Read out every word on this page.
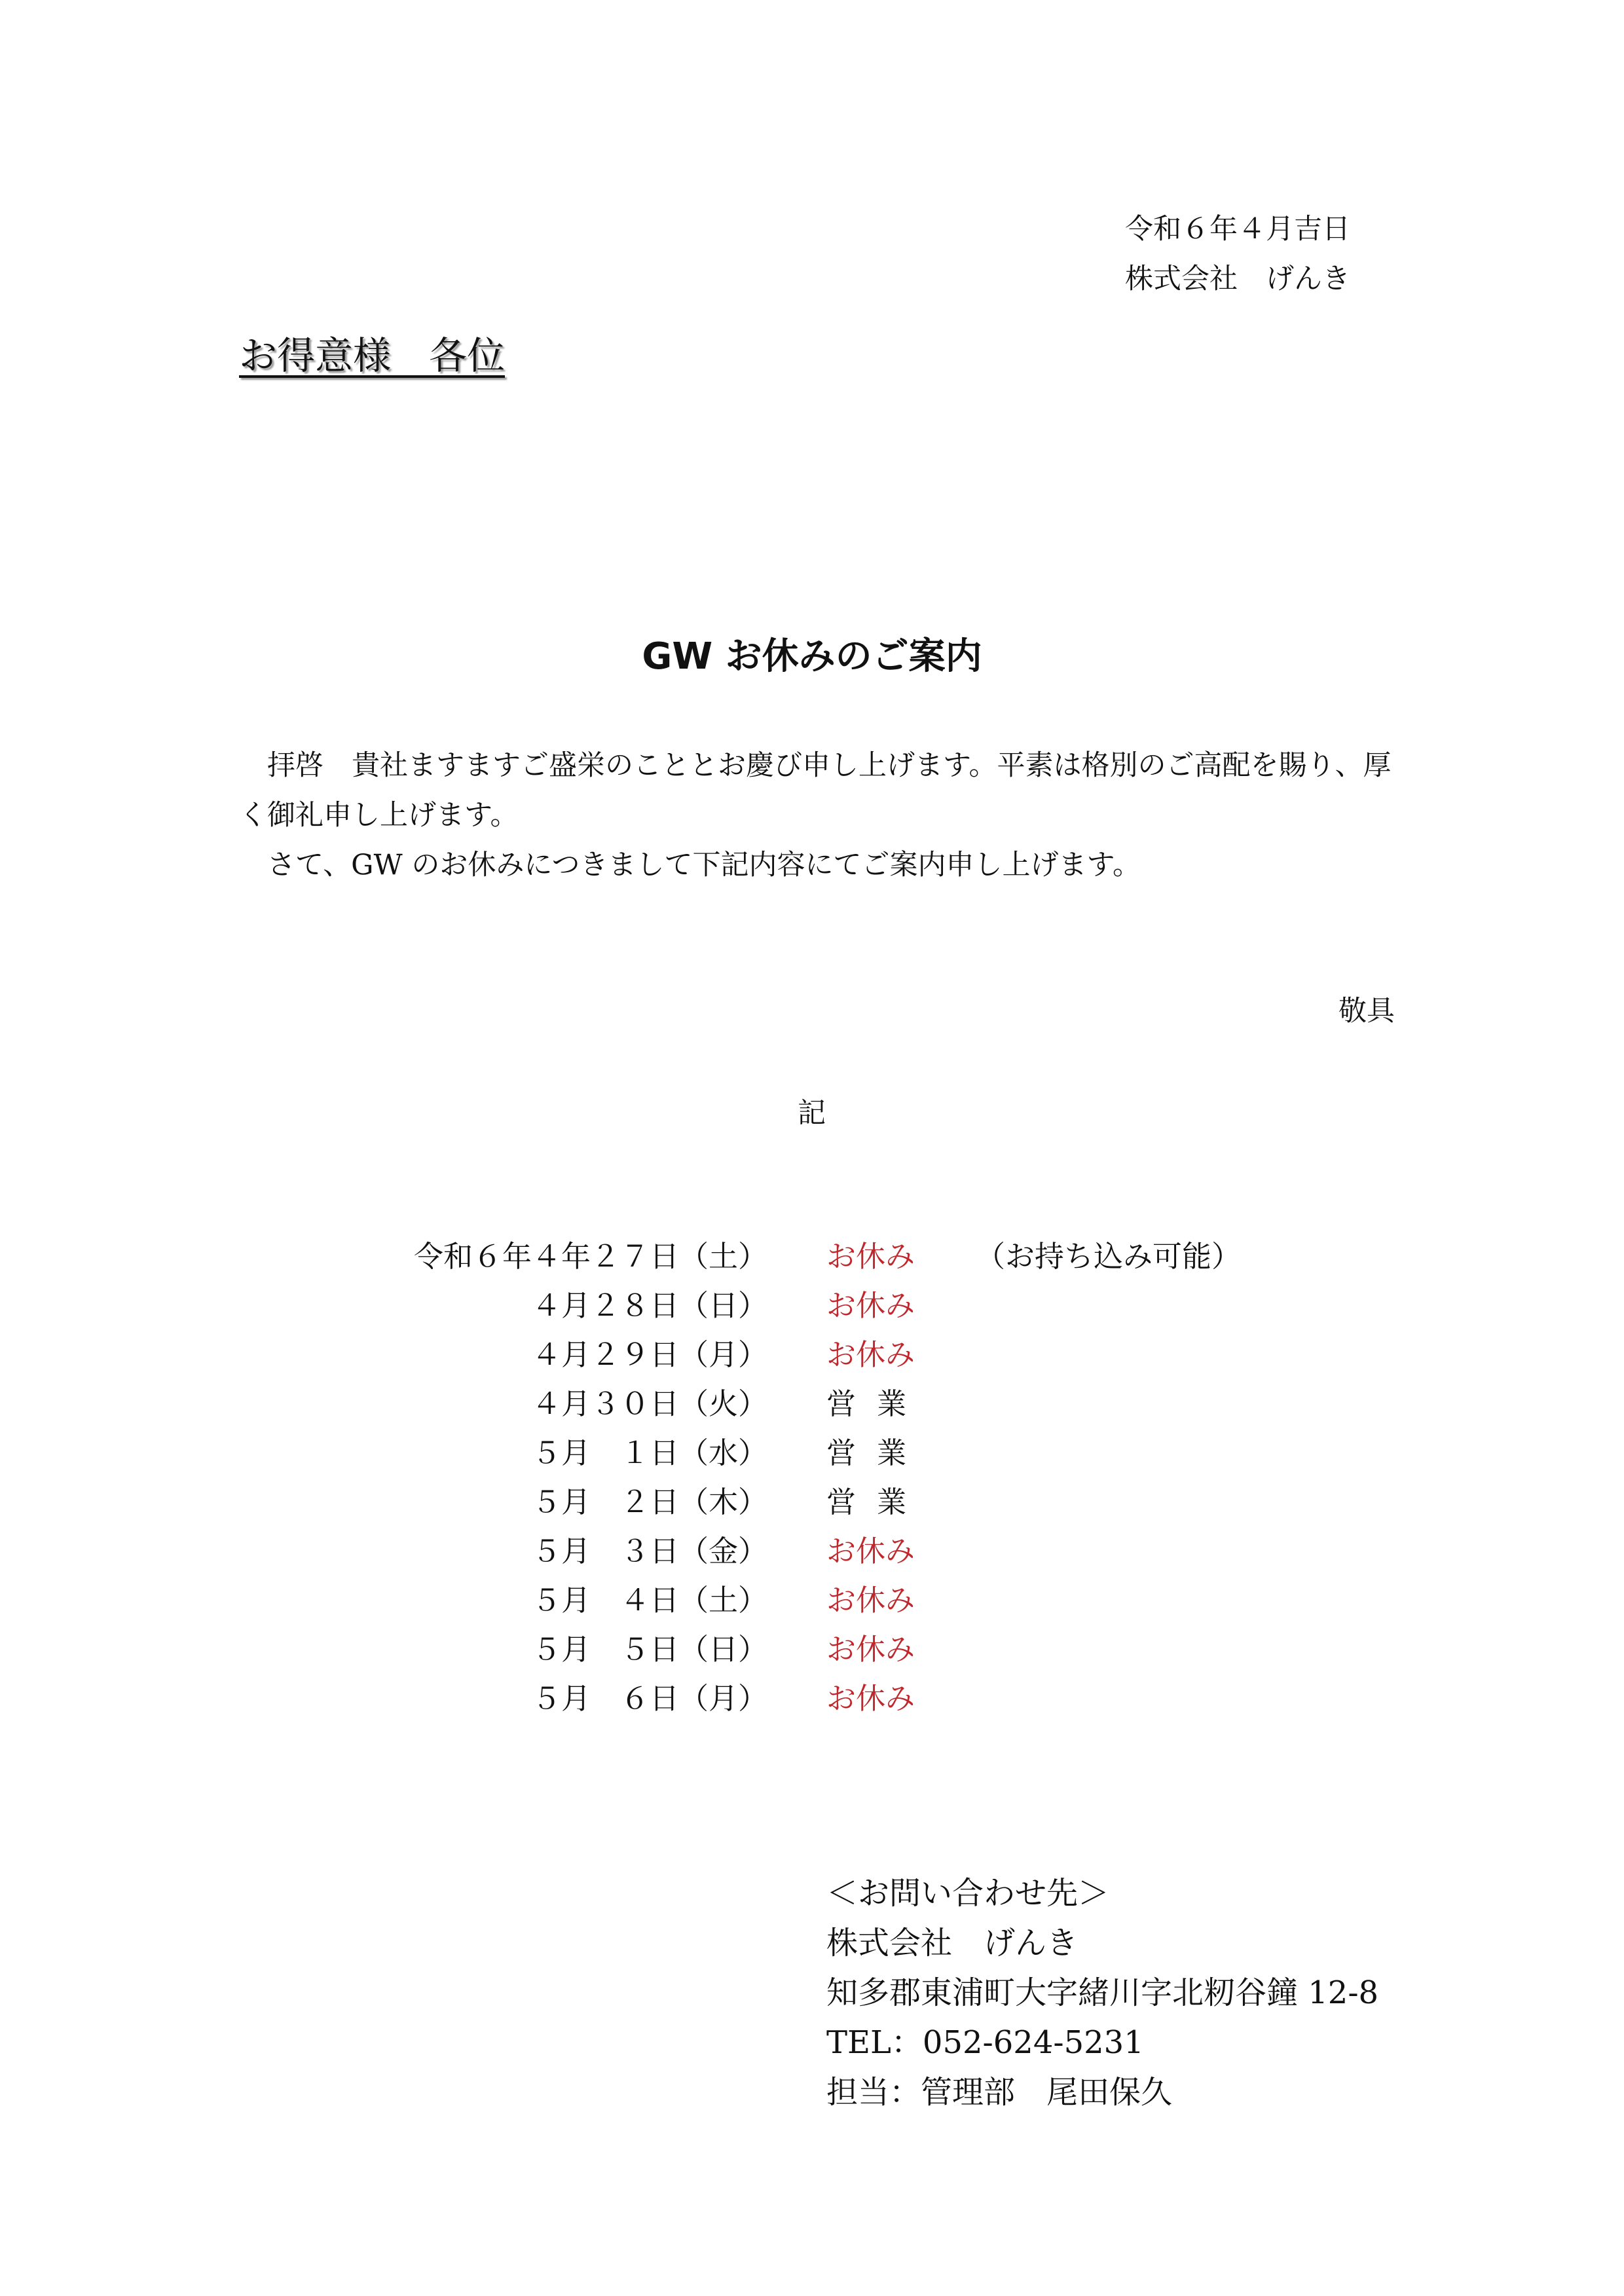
令和６年４月吉日
株式会社　げんき
お得意様　各位
GW お休みのご案内
拝啓　貴社ますますご盛栄のこととお慶び申し上げます。平素は格別のご高配を賜り、厚
く御礼申し上げます。
さて、GW のお休みにつきまして下記内容にてご案内申し上げます。
敬具
記
令和６年４年２７日（土） お休み （お持ち込み可能）
４月２８日（日） お休み
４月２９日（月） お休み
４月３０日（火） 営業
５月　１日（水） 営業
５月　２日（木） 営業
５月　３日（金） お休み
５月　４日（土） お休み
５月　５日（日） お休み
５月　６日（月） お休み
＜お問い合わせ先＞
株式会社　げんき
知多郡東浦町大字緒川字北籾谷鐘 12-8
TEL：052-624-5231
担当：管理部　尾田保久
